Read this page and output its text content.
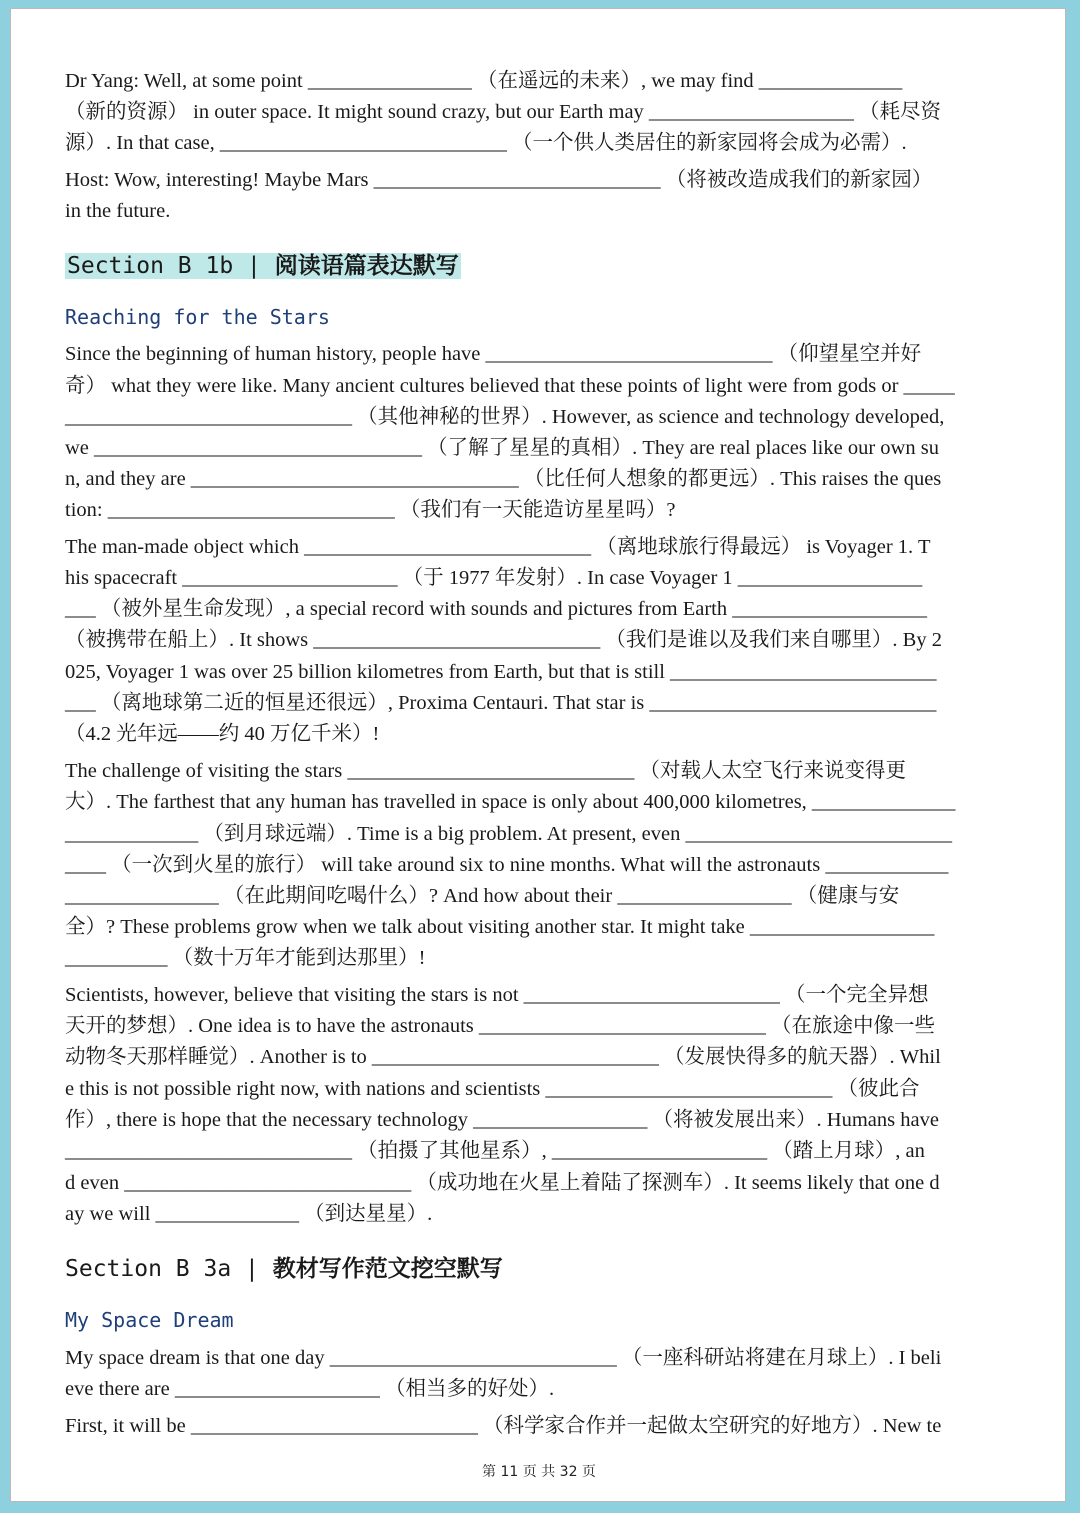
Dr Yang: Well, at some point ________________ （在遥远的未来）, we may find ______________
（新的资源） in outer space. It might sound crazy, but our Earth may ____________________ （耗尽资
源）. In that case, ____________________________ （一个供人类居住的新家园将会成为必需）.
Host: Wow, interesting! Maybe Mars ____________________________ （将被改造成我们的新家园）
in the future.
Section B 1b | 阅读语篇表达默写
Reaching for the Stars
Since the beginning of human history, people have ____________________________ （仰望星空并好
奇） what they were like. Many ancient cultures believed that these points of light were from gods or _____
____________________________ （其他神秘的世界）. However, as science and technology developed,
we ________________________________ （了解了星星的真相）. They are real places like our own su
n, and they are ________________________________ （比任何人想象的都更远）. This raises the ques
tion: ____________________________ （我们有一天能造访星星吗）?
The man-made object which ____________________________ （离地球旅行得最远） is Voyager 1. T
his spacecraft _____________________ （于 1977 年发射）. In case Voyager 1 __________________
___ （被外星生命发现）, a special record with sounds and pictures from Earth ___________________
（被携带在船上）. It shows ____________________________ （我们是谁以及我们来自哪里）. By 2
025, Voyager 1 was over 25 billion kilometres from Earth, but that is still __________________________
___ （离地球第二近的恒星还很远）, Proxima Centauri. That star is ____________________________
（4.2 光年远——约 40 万亿千米）!
The challenge of visiting the stars ____________________________ （对载人太空飞行来说变得更
大）. The farthest that any human has travelled in space is only about 400,000 kilometres, ______________
_____________ （到月球远端）. Time is a big problem. At present, even __________________________
____ （一次到火星的旅行） will take around six to nine months. What will the astronauts ____________
_______________ （在此期间吃喝什么）? And how about their _________________ （健康与安
全）? These problems grow when we talk about visiting another star. It might take __________________
__________ （数十万年才能到达那里）!
Scientists, however, believe that visiting the stars is not _________________________ （一个完全异想
天开的梦想）. One idea is to have the astronauts ____________________________ （在旅途中像一些
动物冬天那样睡觉）. Another is to ____________________________ （发展快得多的航天器）. Whil
e this is not possible right now, with nations and scientists ____________________________ （彼此合
作）, there is hope that the necessary technology _________________ （将被发展出来）. Humans have
____________________________ （拍摄了其他星系）, _____________________ （踏上月球）, an
d even ____________________________ （成功地在火星上着陆了探测车）. It seems likely that one d
ay we will ______________ （到达星星）.
Section B 3a | 教材写作范文挖空默写
My Space Dream
My space dream is that one day ____________________________ （一座科研站将建在月球上）. I beli
eve there are ____________________ （相当多的好处）.
First, it will be ____________________________ （科学家合作并一起做太空研究的好地方）. New te
第 11 页 共 32 页
